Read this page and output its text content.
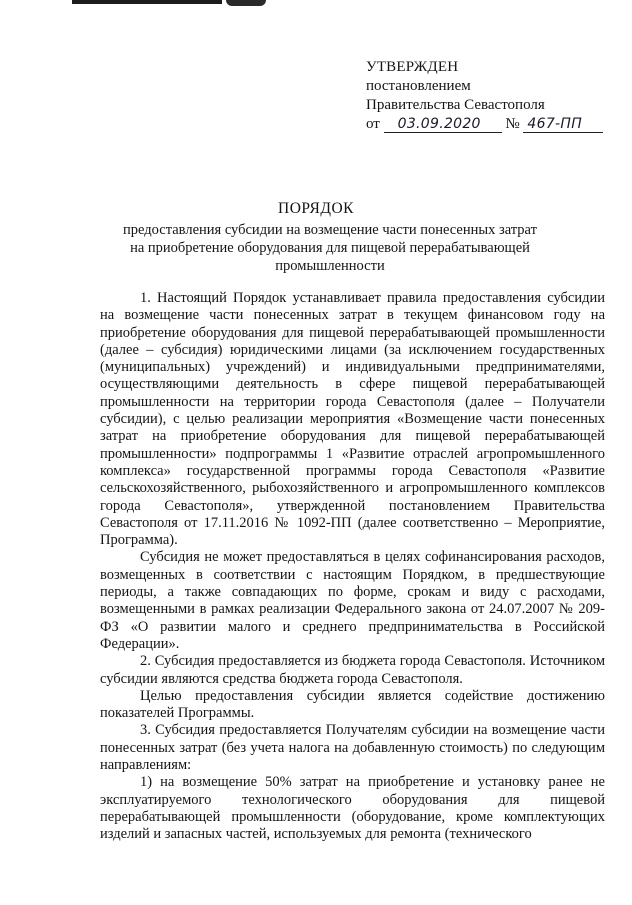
УТВЕРЖДЕН
постановлением
Правительства Севастополя
от 03.09.2020 № 467-ПП
ПОРЯДОК
предоставления субсидии на возмещение части понесенных затрат на приобретение оборудования для пищевой перерабатывающей промышленности

1. Настоящий Порядок устанавливает правила предоставления субсидии на возмещение части понесенных затрат в текущем финансовом году на приобретение оборудования для пищевой перерабатывающей промышленности (далее – субсидия) юридическими лицами (за исключением государственных (муниципальных) учреждений) и индивидуальными предпринимателями, осуществляющими деятельность в сфере пищевой перерабатывающей промышленности на территории города Севастополя (далее – Получатели субсидии), с целью реализации мероприятия «Возмещение части понесенных затрат на приобретение оборудования для пищевой перерабатывающей промышленности» подпрограммы 1 «Развитие отраслей агропромышленного комплекса» государственной программы города Севастополя «Развитие сельскохозяйственного, рыбохозяйственного и агропромышленного комплексов города Севастополя», утвержденной постановлением Правительства Севастополя от 17.11.2016 № 1092-ПП (далее соответственно – Мероприятие, Программа).

Субсидия не может предоставляться в целях софинансирования расходов, возмещенных в соответствии с настоящим Порядком, в предшествующие периоды, а также совпадающих по форме, срокам и виду с расходами, возмещенными в рамках реализации Федерального закона от 24.07.2007 № 209-ФЗ «О развитии малого и среднего предпринимательства в Российской Федерации».

2. Субсидия предоставляется из бюджета города Севастополя. Источником субсидии являются средства бюджета города Севастополя.

Целью предоставления субсидии является содействие достижению показателей Программы.

3. Субсидия предоставляется Получателям субсидии на возмещение части понесенных затрат (без учета налога на добавленную стоимость) по следующим направлениям:

1) на возмещение 50% затрат на приобретение и установку ранее не эксплуатируемого технологического оборудования для пищевой перерабатывающей промышленности (оборудование, кроме комплектующих изделий и запасных частей, используемых для ремонта (технического
